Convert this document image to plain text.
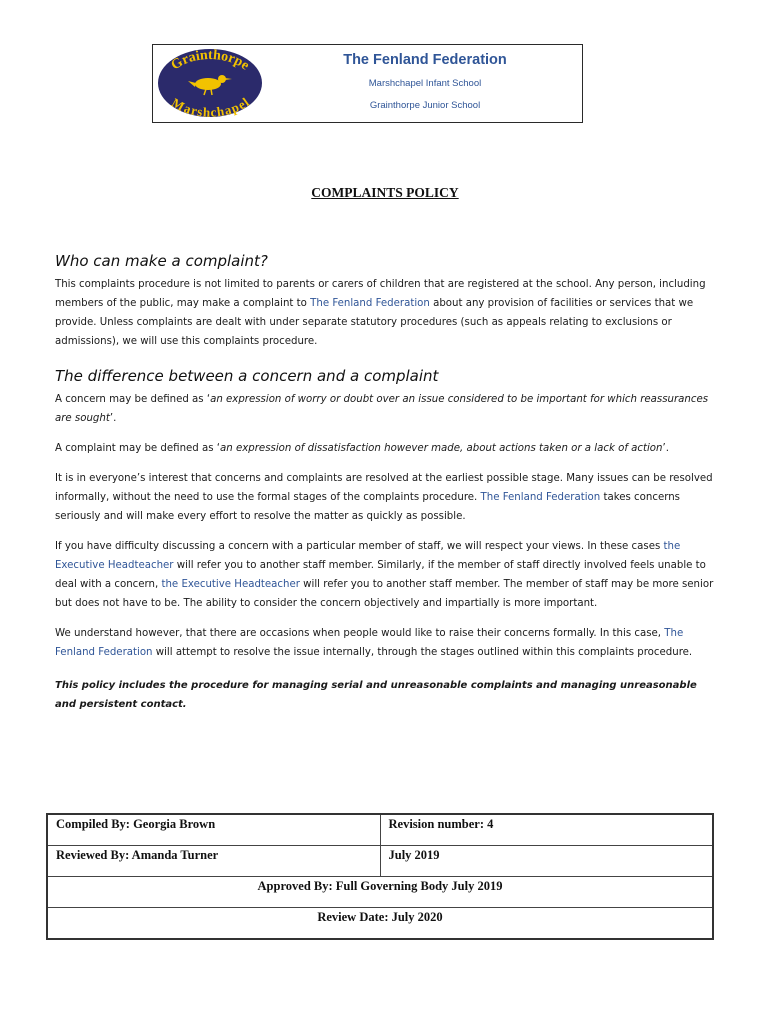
Grainthorpe
Marshchapel
The Fenland Federation
Marshchapel Infant School
Grainthorpe Junior School
COMPLAINTS POLICY
Who can make a complaint?

This complaints procedure is not limited to parents or carers of children that are registered at the school. Any person, including members of the public, may make a complaint to The Fenland Federation about any provision of facilities or services that we provide. Unless complaints are dealt with under separate statutory procedures (such as appeals relating to exclusions or admissions), we will use this complaints procedure.

The difference between a concern and a complaint

A concern may be defined as ‘an expression of worry or doubt over an issue considered to be important for which reassurances are sought’.

A complaint may be defined as ‘an expression of dissatisfaction however made, about actions taken or a lack of action’.

It is in everyone’s interest that concerns and complaints are resolved at the earliest possible stage. Many issues can be resolved informally, without the need to use the formal stages of the complaints procedure. The Fenland Federation takes concerns seriously and will make every effort to resolve the matter as quickly as possible.

If you have difficulty discussing a concern with a particular member of staff, we will respect your views. In these cases the Executive Headteacher will refer you to another staff member. Similarly, if the member of staff directly involved feels unable to deal with a concern, the Executive Headteacher will refer you to another staff member. The member of staff may be more senior but does not have to be. The ability to consider the concern objectively and impartially is more important.

We understand however, that there are occasions when people would like to raise their concerns formally. In this case, The Fenland Federation will attempt to resolve the issue internally, through the stages outlined within this complaints procedure.

This policy includes the procedure for managing serial and unreasonable complaints and managing unreasonable and persistent contact.

Compiled By: Georgia Brown	Revision number: 4
Reviewed By: Amanda Turner	July 2019
Approved By: Full Governing Body July 2019	
Review Date: July 2020	
